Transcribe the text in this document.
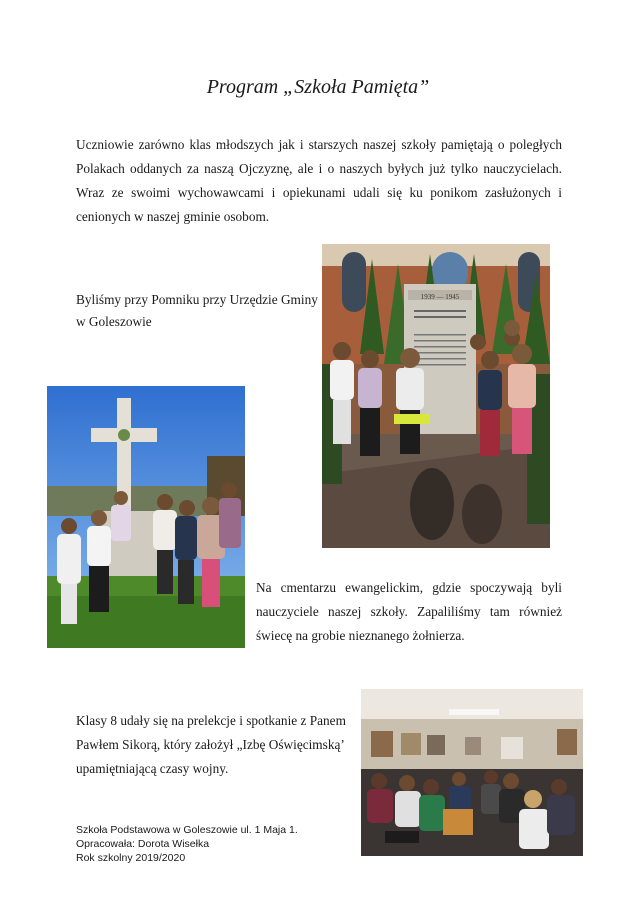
Program „Szkoła Pamięta”
Uczniowie zarówno klas młodszych jak i starszych naszej szkoły pamiętają o poległych Polakach oddanych za naszą Ojczyznę, ale i o naszych byłych już tylko nauczycielach. Wraz ze swoimi wychowawcami i opiekunami udali się ku ponikom zasłużonych i cenionych w naszej gminie osobom.
Byliśmy przy Pomniku przy Urzędzie Gminy w Goleszowie
1939 — 1945
Na cmentarzu ewangelickim, gdzie spoczywają byli nauczyciele naszej szkoły. Zapaliliśmy tam również świecę na grobie nieznanego żołnierza.
Klasy 8 udały się na prelekcje i spotkanie z Panem Pawłem Sikorą, który założył „Izbę Oświęcimską’ upamiętniającą czasy wojny.
Szkoła Podstawowa w Goleszowie ul. 1 Maja 1.
Opracowała: Dorota Wisełka
Rok szkolny 2019/2020
